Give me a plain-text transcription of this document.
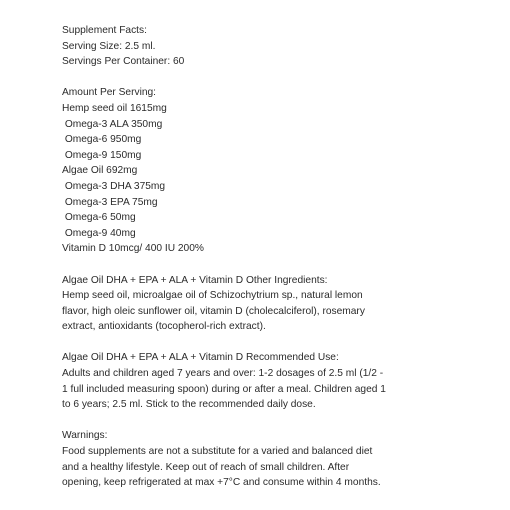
Supplement Facts:
Serving Size: 2.5 ml.
Servings Per Container: 60
Amount Per Serving:
Hemp seed oil 1615mg
Omega-3 ALA 350mg
Omega-6 950mg
Omega-9 150mg
Algae Oil 692mg
Omega-3 DHA 375mg
Omega-3 EPA 75mg
Omega-6 50mg
Omega-9 40mg
Vitamin D 10mcg/ 400 IU 200%
Algae Oil DHA + EPA + ALA + Vitamin D Other Ingredients:
Hemp seed oil, microalgae oil of Schizochytrium sp., natural lemon
flavor, high oleic sunflower oil, vitamin D (cholecalciferol), rosemary
extract, antioxidants (tocopherol-rich extract).
Algae Oil DHA + EPA + ALA + Vitamin D Recommended Use:
Adults and children aged 7 years and over: 1-2 dosages of 2.5 ml (1/2 -
1 full included measuring spoon) during or after a meal. Children aged 1
to 6 years; 2.5 ml. Stick to the recommended daily dose.
Warnings:
Food supplements are not a substitute for a varied and balanced diet
and a healthy lifestyle. Keep out of reach of small children. After
opening, keep refrigerated at max +7°C and consume within 4 months.
